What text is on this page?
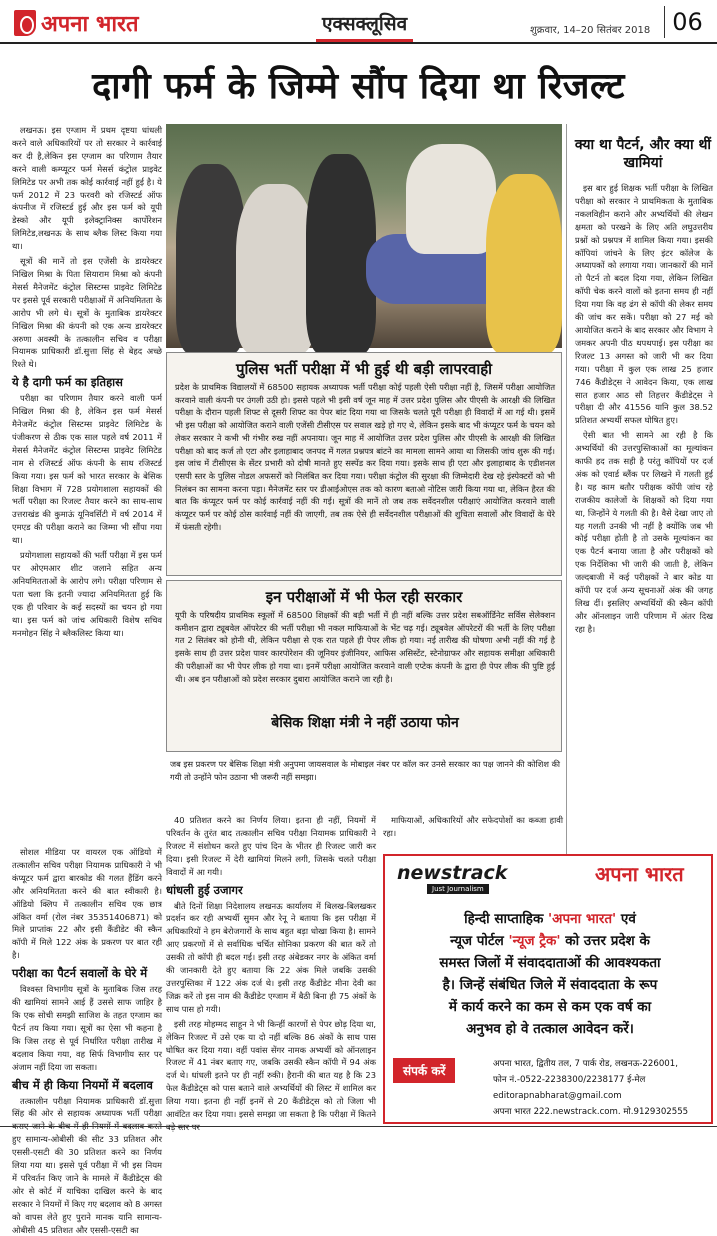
अपना भारत	एक्सक्लूसिव	शुक्रवार, 14–20 सितंबर 2018 06
दागी फर्म के जिम्मे सौंप दिया था रिजल्ट

लखनऊ। इस एग्जाम में प्रथम दृष्टया धांधली करने वाले अधिकारियों पर तो सरकार ने कार्रवाई कर दी है,लेकिन इस एग्जाम का परिणाम तैयार करने वाली कम्प्यूटर फर्म मेसर्स कंट्रोल प्राइवेट लिमिटेड पर अभी तक कोई कार्रवाई नहीं हुई है। ये फर्म 2012 में 23 फरवरी को रजिस्टर्ड ऑफ कंपनीज में रजिस्टर्ड हुई और इस फर्म को यूपी डेस्को और यूपी इलेक्ट्रानिक्स कार्पोरेशन लिमिटेड,लखनऊ के साथ ब्लैक लिस्ट किया गया था।

सूत्रों की मानें तो इस एजेंसी के डायरेक्टर निखिल मिश्रा के पिता सियाराम मिश्रा को कंपनी मेसर्स मैनेजमेंट कंट्रोल सिस्टम्स प्राइवेट लिमिटेड पर इससे पूर्व सरकारी परीक्षाओं में अनियमितता के आरोप भी लगे थे। सूत्रों के मुताबिक डायरेक्टर निखिल मिश्रा की कंपनी को एक अन्य डायरेक्टर अरुणा अवस्थी के तत्कालीन सचिव व परीक्षा नियामक प्राधिकारी डॉ.सुत्ता सिंह से बेहद अच्छे रिश्ते थे।

ये है दागी फर्म का इतिहास

परीक्षा का परिणाम तैयार करने वाली फर्म निखिल मिश्रा की है, लेकिन इस फर्म मेसर्स मैनेजमेंट कंट्रोल सिस्टम्स प्राइवेट लिमिटेड के पंजीकरण से ठीक एक साल पहले वर्ष 2011 में मेसर्स मैनेजमेंट कंट्रोल सिस्टम्स प्राइवेट लिमिटेड नाम से रजिस्टर्ड ऑफ कंपनी के साथ रजिस्टर्ड किया गया। इस फर्म को भारत सरकार के बेसिक शिक्षा विभाग में 728 प्रयोगशाला सहायकों की भर्ती परीक्षा का रिजल्ट तैयार करने का साथ-साथ उत्तराखंड की कुमाऊं यूनिवर्सिटी में वर्ष 2014 में एमएड की परीक्षा कराने का जिम्मा भी सौंपा गया था।

प्रयोगशाला सहायकों की भर्ती परीक्षा में इस फर्म पर ओएमआर शीट जलाने सहित अन्य अनियमितताओं के आरोप लगे। परीक्षा परिणाम से पता चला कि इतनी ज्यादा अनियमितता हुई कि एक ही परिवार के कई सदस्यों का चयन हो गया था। इस फर्म को जांच अधिकारी विशेष सचिव मनमोहन सिंह ने ब्लैकलिस्ट किया था।

पुलिस भर्ती परीक्षा में भी हुई थी बड़ी लापरवाही
प्रदेश के प्राथमिक विद्यालयों में 68500 सहायक अध्यापक भर्ती परीक्षा कोई पहली ऐसी परीक्षा नहीं है, जिसमें परीक्षा आयोजित करवाने वाली कंपनी पर उंगली उठी हो। इससे पहले भी इसी वर्ष जून माह में उत्तर प्रदेश पुलिस और पीएसी के आरक्षी की लिखित परीक्षा के दौरान पहली शिफ्ट से दूसरी शिफ्ट का पेपर बांट दिया गया था जिसके चलते पूरी परीक्षा ही विवादों में आ गई थी। इसमें भी इस परीक्षा को आयोजित कराने वाली एजेंसी टीसीएस पर सवाल खड़े हो गए थे, लेकिन इसके बाद भी कंप्यूटर फर्म के चयन को लेकर सरकार ने कभी भी गंभीर रुख नहीं अपनाया। जून माह में आयोजित उत्तर प्रदेश पुलिस और पीएसी के आरक्षी की लिखित परीक्षा को बाद कर्ज तो एटा और इलाहाबाद जनपद में गलत प्रश्नपत्र बांटने का मामला सामने आया था जिसकी जांच शुरू की गई। इस जांच में टीसीएस के सेंटर प्रभारी को दोषी मानते हुए सस्पेंड कर दिया गया। इसके साथ ही एटा और इलाहाबाद के एडीशनल एसपी स्तर के पुलिस नोडल अफसरों को निलंबित कर दिया गया। परीक्षा कंट्रोल की सुरक्षा की जिम्मेदारी देख रहे इंस्पेक्टरों को भी निलंबन का सामना करना पड़ा। मैनेजमेंट स्तर पर डीआईओएस तक को कारण बताओ नोटिस जारी किया गया था, लेकिन हैरत की बात कि कंप्यूटर फर्म पर कोई कार्रवाई नहीं की गई। सूत्रों की मानें तो जब तक सर्वेदनशील परीक्षाएं आयोजित करवाने वाली कंप्यूटर फर्म पर कोई ठोस कार्रवाई नहीं की जाएगी, तब तक ऐसे ही सर्वेदनशील परीक्षाओं की शुचिता सवालों और विवादों के घेरे में फंसती रहेगी।
इन परीक्षाओं में भी फेल रही सरकार
यूपी के परिषदीय प्राथमिक स्कूलों में 68500 शिक्षकों की बड़ी भर्ती में ही नहीं बल्कि उत्तर प्रदेश सबऑर्डिनेट सर्विस सेलेक्शन कमीशन द्वारा ट्यूबवेल ऑपरेटर की भर्ती परीक्षा भी नकल माफियाओं के भेंट चढ़ गई। ट्यूबवेल ऑपरेटरों की भर्ती के लिए परीक्षा गत 2 सितंबर को होनी थी, लेकिन परीक्षा से एक रात पहले ही पेपर लीक हो गया। नई तारीख की घोषणा अभी नहीं की गई है इसके साथ ही उत्तर प्रदेश पावर कारपोरेशन की जूनियर इंजीनियर, आफिस असिस्टेंट, स्टेनोग्राफर और सहायक समीक्षा अधिकारी की परीक्षाओं का भी पेपर लीक हो गया था। इनमें परीक्षा आयोजित करवाने वाली एप्टेक कंपनी के द्वारा ही पेपर लीक की पुष्टि हुई थी। अब इन परीक्षाओं को प्रदेश सरकार दुबारा आयोजित कराने जा रही है।
बेसिक शिक्षा मंत्री ने नहीं उठाया फोन
जब इस प्रकरण पर बेसिक शिक्षा मंत्री अनुपमा जायसवाल के मोबाइल नंबर पर कॉल कर उनसे सरकार का पक्ष जानने की कोशिश की गयी तो उन्होंने फोन उठाना भी जरूरी नहीं समझा।

सोशल मीडिया पर वायरल एक ऑडियो में तत्कालीन सचिव परीक्षा नियामक प्राधिकारी ने भी कंप्यूटर फर्म द्वारा बारकोड की गलत हैंडिंग करने और अनियमितता करने की बात स्वीकारी है। ऑडियो क्लिप में तत्कालीन सचिव एक छात्र अंकित वर्मा (रोल नंबर 35351406871) को मिले प्राप्तांक 22 और इसी कैंडीडेट की स्कैन कॉपी में मिले 122 अंक के प्रकरण पर बात रही है।

परीक्षा का पैटर्न सवालों के घेरे में

विश्वस्त विभागीय सूत्रों के मुताबिक जिस तरह की खामियां सामने आई हैं उससे साफ जाहिर है कि एक सोची समझी साजिश के तहत एग्जाम का पैटर्न तय किया गया। सूत्रों का ऐसा भी कहना है कि जिस तरह से पूर्व निर्धारित परीक्षा तारीख में बदलाव किया गया, वह सिर्फ विभागीय स्तर पर अंजाम नहीं दिया जा सकता।

बीच में ही किया नियमों में बदलाव

तत्कालीन परीक्षा नियामक प्राधिकारी डॉ.सुत्ता सिंह की ओर से सहायक अध्यापक भर्ती परीक्षा हुए सामान्य-ओबीसी की सीट 33 प्रतिशत और एससी-एसटी की 30 प्रतिशत करने का निर्णय लिया गया था। इससे पूर्व परीक्षा में भी इस नियम में परिवर्तन किए जाने के मामले में कैंडीडेट्स की ओर से कोर्ट में याचिका दाखिल करने के बाद सरकार ने नियमों में किए गए बदलाव को 8 अगस्त को वापस लेते हुए पुराने मानक यानि सामान्य-ओबीसी 45 प्रतिशत और एससी-एसटी का

40 प्रतिशत करने का निर्णय लिया। इतना ही नहीं, नियमों में परिवर्तन के तुरंत बाद तत्कालीन सचिव परीक्षा नियामक प्राधिकारी ने रिजल्ट में संशोधन करते हुए पांच दिन के भीतर ही रिजल्ट जारी कर दिया। इसी रिजल्ट में देरी खामियां मिलने लगी, जिसके चलते परीक्षा विवादों में आ गयी।

धांधली हुई उजागर

बीते दिनों शिक्षा निदेशालय लखनऊ कार्यालय में बिलख-बिलखकर प्रदर्शन कर रही अभ्यर्थी सुमन और रेनू ने बताया कि इस परीक्षा में अधिकारियों ने हम बेरोजगारों के साथ बहुत बड़ा धोखा किया है। सामने आए प्रकरणों में से सर्वाधिक चर्चित सोनिका प्रकरण की बात करें तो उसकी तो कॉपी ही बदल गई। इसी तरह अंबेडकर नगर के अंकित वर्मा की जानकारी देते हुए बताया कि 22 अंक मिले जबकि उसकी उत्तरपुस्तिका में 122 अंक दर्ज थे। इसी तरह कैंडीडेट मीना देवी का जिक्र करें तो इस नाम की कैंडीडेट एग्जाम में बैठी बिना ही 75 अंकों के साथ पास हो गयी।

इसी तरह मोहम्मद साहून ने भी किन्हीं कारणों से पेपर छोड़ दिया था, लेकिन रिजल्ट में उसे एक या दो नहीं बल्कि 86 अंकों के साथ पास घोषित कर दिया गया। वहीं पवांस सेंगर नामक अभ्यर्थी को ऑनलाइन रिजल्ट में 41 नंबर बताए गए, जबकि उसकी स्कैन कॉपी में 94 अंक दर्ज थे। धांधली इतने पर ही नहीं रुकी। हैरानी की बात यह है कि 23 फेल कैंडीडेट्स को पास बताने वाले अभ्यर्थियों की लिस्ट में शामिल कर लिया गया। इतना ही नहीं इनमें से 20 कैंडीडेट्स को तो जिला भी आवंटित कर दिया गया। इससे समझा जा सकता है कि परीक्षा में कितने

माफियाओं, अधिकारियों और सफेदपोशों का कब्जा हावी रहा।

क्या था पैटर्न, और क्या थीं खामियां

इस बार हुई शिक्षक भर्ती परीक्षा के लिखित परीक्षा को सरकार ने प्राथमिकता के मुताबिक नकलविहीन कराने और अभ्यर्थियों की लेखन क्षमता को परखने के लिए अति लघुउत्तरीय प्रश्नों को प्रश्नपत्र में शामिल किया गया। इसकी कॉपियां जांचने के लिए इंटर कॉलेज के अध्यापकों को लगाया गया। जानकारों की मानें तो पैटर्न तो बदल दिया गया, लेकिन लिखित कॉपी चेक करने वालों को इतना समय ही नहीं दिया गया कि वह ढंग से कॉपी की लेकर समय की जांच कर सकें। परीक्षा को 27 मई को आयोजित कराने के बाद सरकार और विभाग ने जमकर अपनी पीठ थपथपाई। इस परीक्षा का रिजल्ट 13 अगस्त को जारी भी कर दिया गया। परीक्षा में कुल एक लाख 25 हजार 746 कैंडीडेट्स ने आवेदन किया, एक लाख सात हजार आठ सौ तिहत्तर कैंडीडेट्स ने परीक्षा दी और 41556 यानि कुल 38.52 प्रतिशत अभ्यर्थी सफल घोषित हुए।

ऐसी बात भी सामने आ रही है कि अभ्यर्थियों की उत्तरपुस्तिकाओं का मूल्यांकन काफी हद तक सही है परंतु कॉपियों पर दर्ज अंक को एवार्ड ब्लैंक पर लिखने में गलती हुई है। यह काम बतौर परीक्षक कॉपी जांच रहे राजकीय कालेजों के शिक्षकों को दिया गया था, जिन्होंने ये गलती की है। वैसे देखा जाए तो यह गलती उनकी भी नहीं है क्योंकि जब भी कोई परीक्षा होती है तो उसके मूल्यांकन का एक पैटर्न बनाया जाता है और परीक्षकों को एक निर्देशिका भी जारी की जाती है, लेकिन जल्दबाजी में कई परीक्षकों ने बार कोड या कॉपी पर दर्ज अन्य सूचनाओं अंक की जगह लिख दीं। इसलिए अभ्यर्थियों की स्कैन कॉपी और ऑनलाइन जारी परिणाम में अंतर दिख रहा है।

newstrack
Just Journalism
अपना भारत
हिन्दी साप्ताहिक 'अपना भारत' एवं
न्यूज पोर्टल 'न्यूज ट्रैक' को उत्तर प्रदेश के
समस्त जिलों में संवाददाताओं की आवश्यकता
है। जिन्हें संबंधित जिले में संवाददाता के रूप
में कार्य करने का कम से कम एक वर्ष का
अनुभव हो वे तत्काल आवेदन करें।
संपर्क करें	अपना भारत, द्वितीय तल, 7 पार्क रोड, लखनऊ-226001,
फोन नं.-0522-2238300/2238177 ई-मेल editorapnabharat@gmail.com
अपना भारत 222.newstrack.com. मो.9129302555
